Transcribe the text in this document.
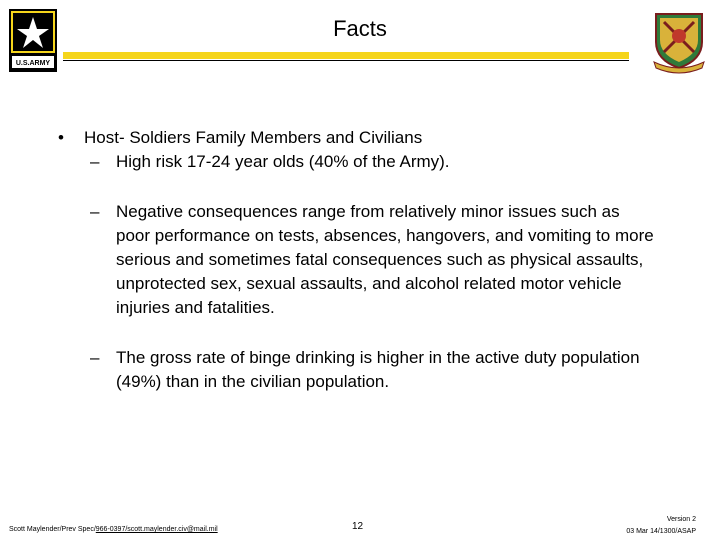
U.S.ARMY
Facts
•	Host- Soldiers Family Members and Civilians
– High risk 17-24 year olds (40% of the Army).
– Negative consequences range from relatively minor issues such as poor performance on tests, absences, hangovers, and vomiting to more serious and sometimes fatal consequences such as physical assaults, unprotected sex, sexual assaults, and alcohol related motor vehicle injuries and fatalities.
– The gross rate of binge drinking is higher in the active duty population (49%) than in the civilian population.
Scott Maylender/Prev Spec/966-0397/scott.maylender.civ@mail.mil	12
Version 2
03 Mar 14/1300/ASAP
